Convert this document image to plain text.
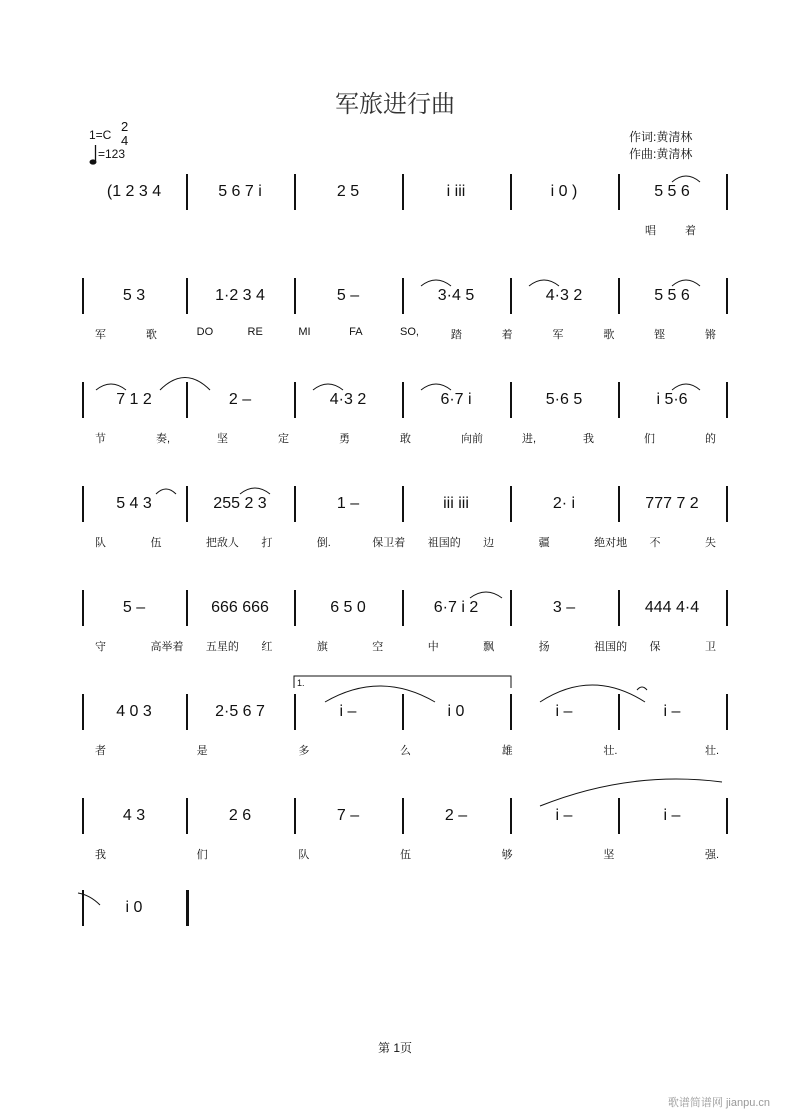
军旅进行曲
1=C
2
4
=123
作词:黄清林
作曲:黄清林
(1 2 3 4	5 6 7 i	2 5	i iii	i 0 )	5 5 6
唱	着
5 3	1·2 3 4	5 –	3·4 5	4·3 2	5 5 6
军	歌	DO	RE	MI	FA	SO,	踏	着	军	歌	铿	锵
7 1 2	2 –	4·3 2	6·7 i	5·6 5	i 5·6
节	奏,	坚	定	勇	敢	向前	进,	我	们	的
5 4 3	255 2 3	1 –	iii iii	2· i	777 7 2
队	伍	把敌人 打	倒.	保卫着 祖国的 边	疆	绝对地 不	失
5 –	666 666	6 5 0	6·7 i 2	3 –	444 4·4
守	高举着 五星的 红	旗	空	中	飘	扬	祖国的 保	卫
4 0 3	2·5 6 7	i –	i 0	i –	i –
者	是	多	么	雄	壮.	壮.
4 3	2 6	7 –	2 –	i –	i –
我	们	队	伍	够	坚	强.
i 0
1.
第 1页
歌谱简谱网 jianpu.cn
